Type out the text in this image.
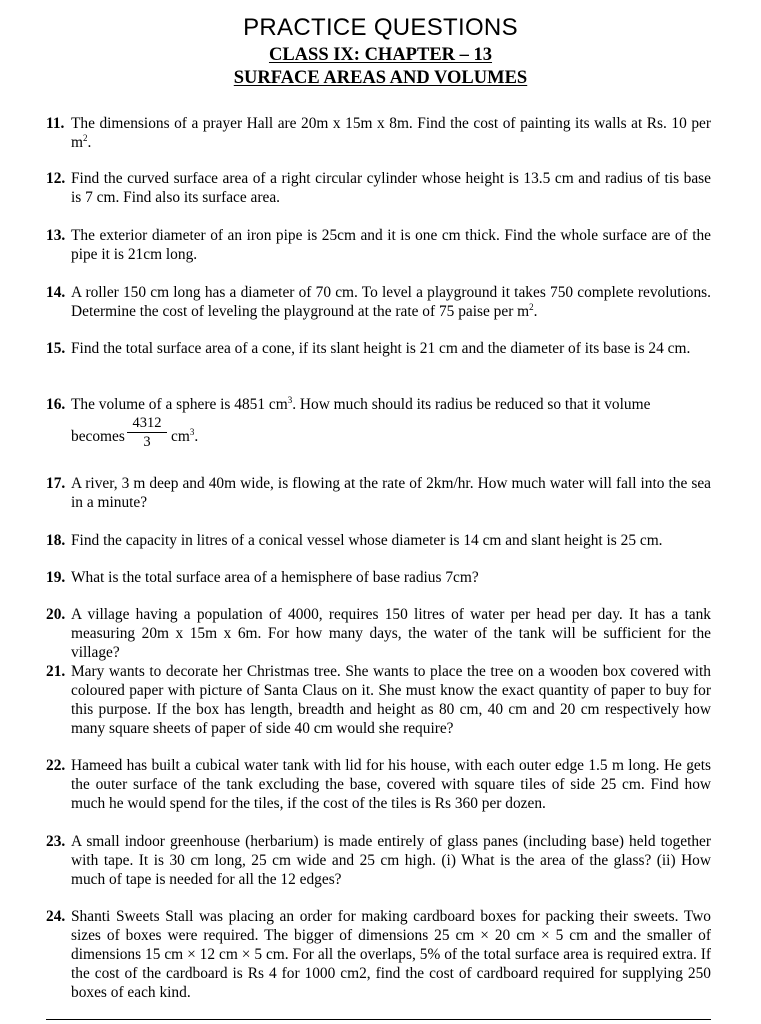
PRACTICE QUESTIONS
CLASS IX: CHAPTER – 13
SURFACE AREAS AND VOLUMES
11. The dimensions of a prayer Hall are 20m x 15m x 8m. Find the cost of painting its walls at Rs. 10 per $m^2$.
12. Find the curved surface area of a right circular cylinder whose height is 13.5 cm and radius of tis base is 7 cm. Find also its surface area.
13. The exterior diameter of an iron pipe is 25cm and it is one cm thick. Find the whole surface are of the pipe it is 21cm long.
14. A roller 150 cm long has a diameter of 70 cm. To level a playground it takes 750 complete revolutions. Determine the cost of leveling the playground at the rate of 75 paise per $m^2$.
15. Find the total surface area of a cone, if its slant height is 21 cm and the diameter of its base is 24 cm.
16. The volume of a sphere is 4851 $cm^3$. How much should its radius be reduced so that it volume
becomes $\frac{4312}{3} cm^3$.
17. A river, 3 m deep and 40m wide, is flowing at the rate of 2km/hr. How much water will fall into the sea in a minute?
18. Find the capacity in litres of a conical vessel whose diameter is 14 cm and slant height is 25 cm.
19. What is the total surface area of a hemisphere of base radius 7cm?
20. A village having a population of 4000, requires 150 litres of water per head per day. It has a tank measuring 20m x 15m x 6m. For how many days, the water of the tank will be sufficient for the village?
21. Mary wants to decorate her Christmas tree. She wants to place the tree on a wooden box covered with coloured paper with picture of Santa Claus on it. She must know the exact quantity of paper to buy for this purpose. If the box has length, breadth and height as 80 cm, 40 cm and 20 cm respectively how many square sheets of paper of side 40 cm would she require?
22. Hameed has built a cubical water tank with lid for his house, with each outer edge 1.5 m long. He gets the outer surface of the tank excluding the base, covered with square tiles of side 25 cm. Find how much he would spend for the tiles, if the cost of the tiles is Rs 360 per dozen.
23. A small indoor greenhouse (herbarium) is made entirely of glass panes (including base) held together with tape. It is 30 cm long, 25 cm wide and 25 cm high. (i) What is the area of the glass? (ii) How much of tape is needed for all the 12 edges?
24. Shanti Sweets Stall was placing an order for making cardboard boxes for packing their sweets. Two sizes of boxes were required. The bigger of dimensions 25 cm × 20 cm × 5 cm and the smaller of dimensions 15 cm × 12 cm × 5 cm. For all the overlaps, 5% of the total surface area is required extra. If the cost of the cardboard is Rs 4 for 1000 cm2, find the cost of cardboard required for supplying 250 boxes of each kind.
